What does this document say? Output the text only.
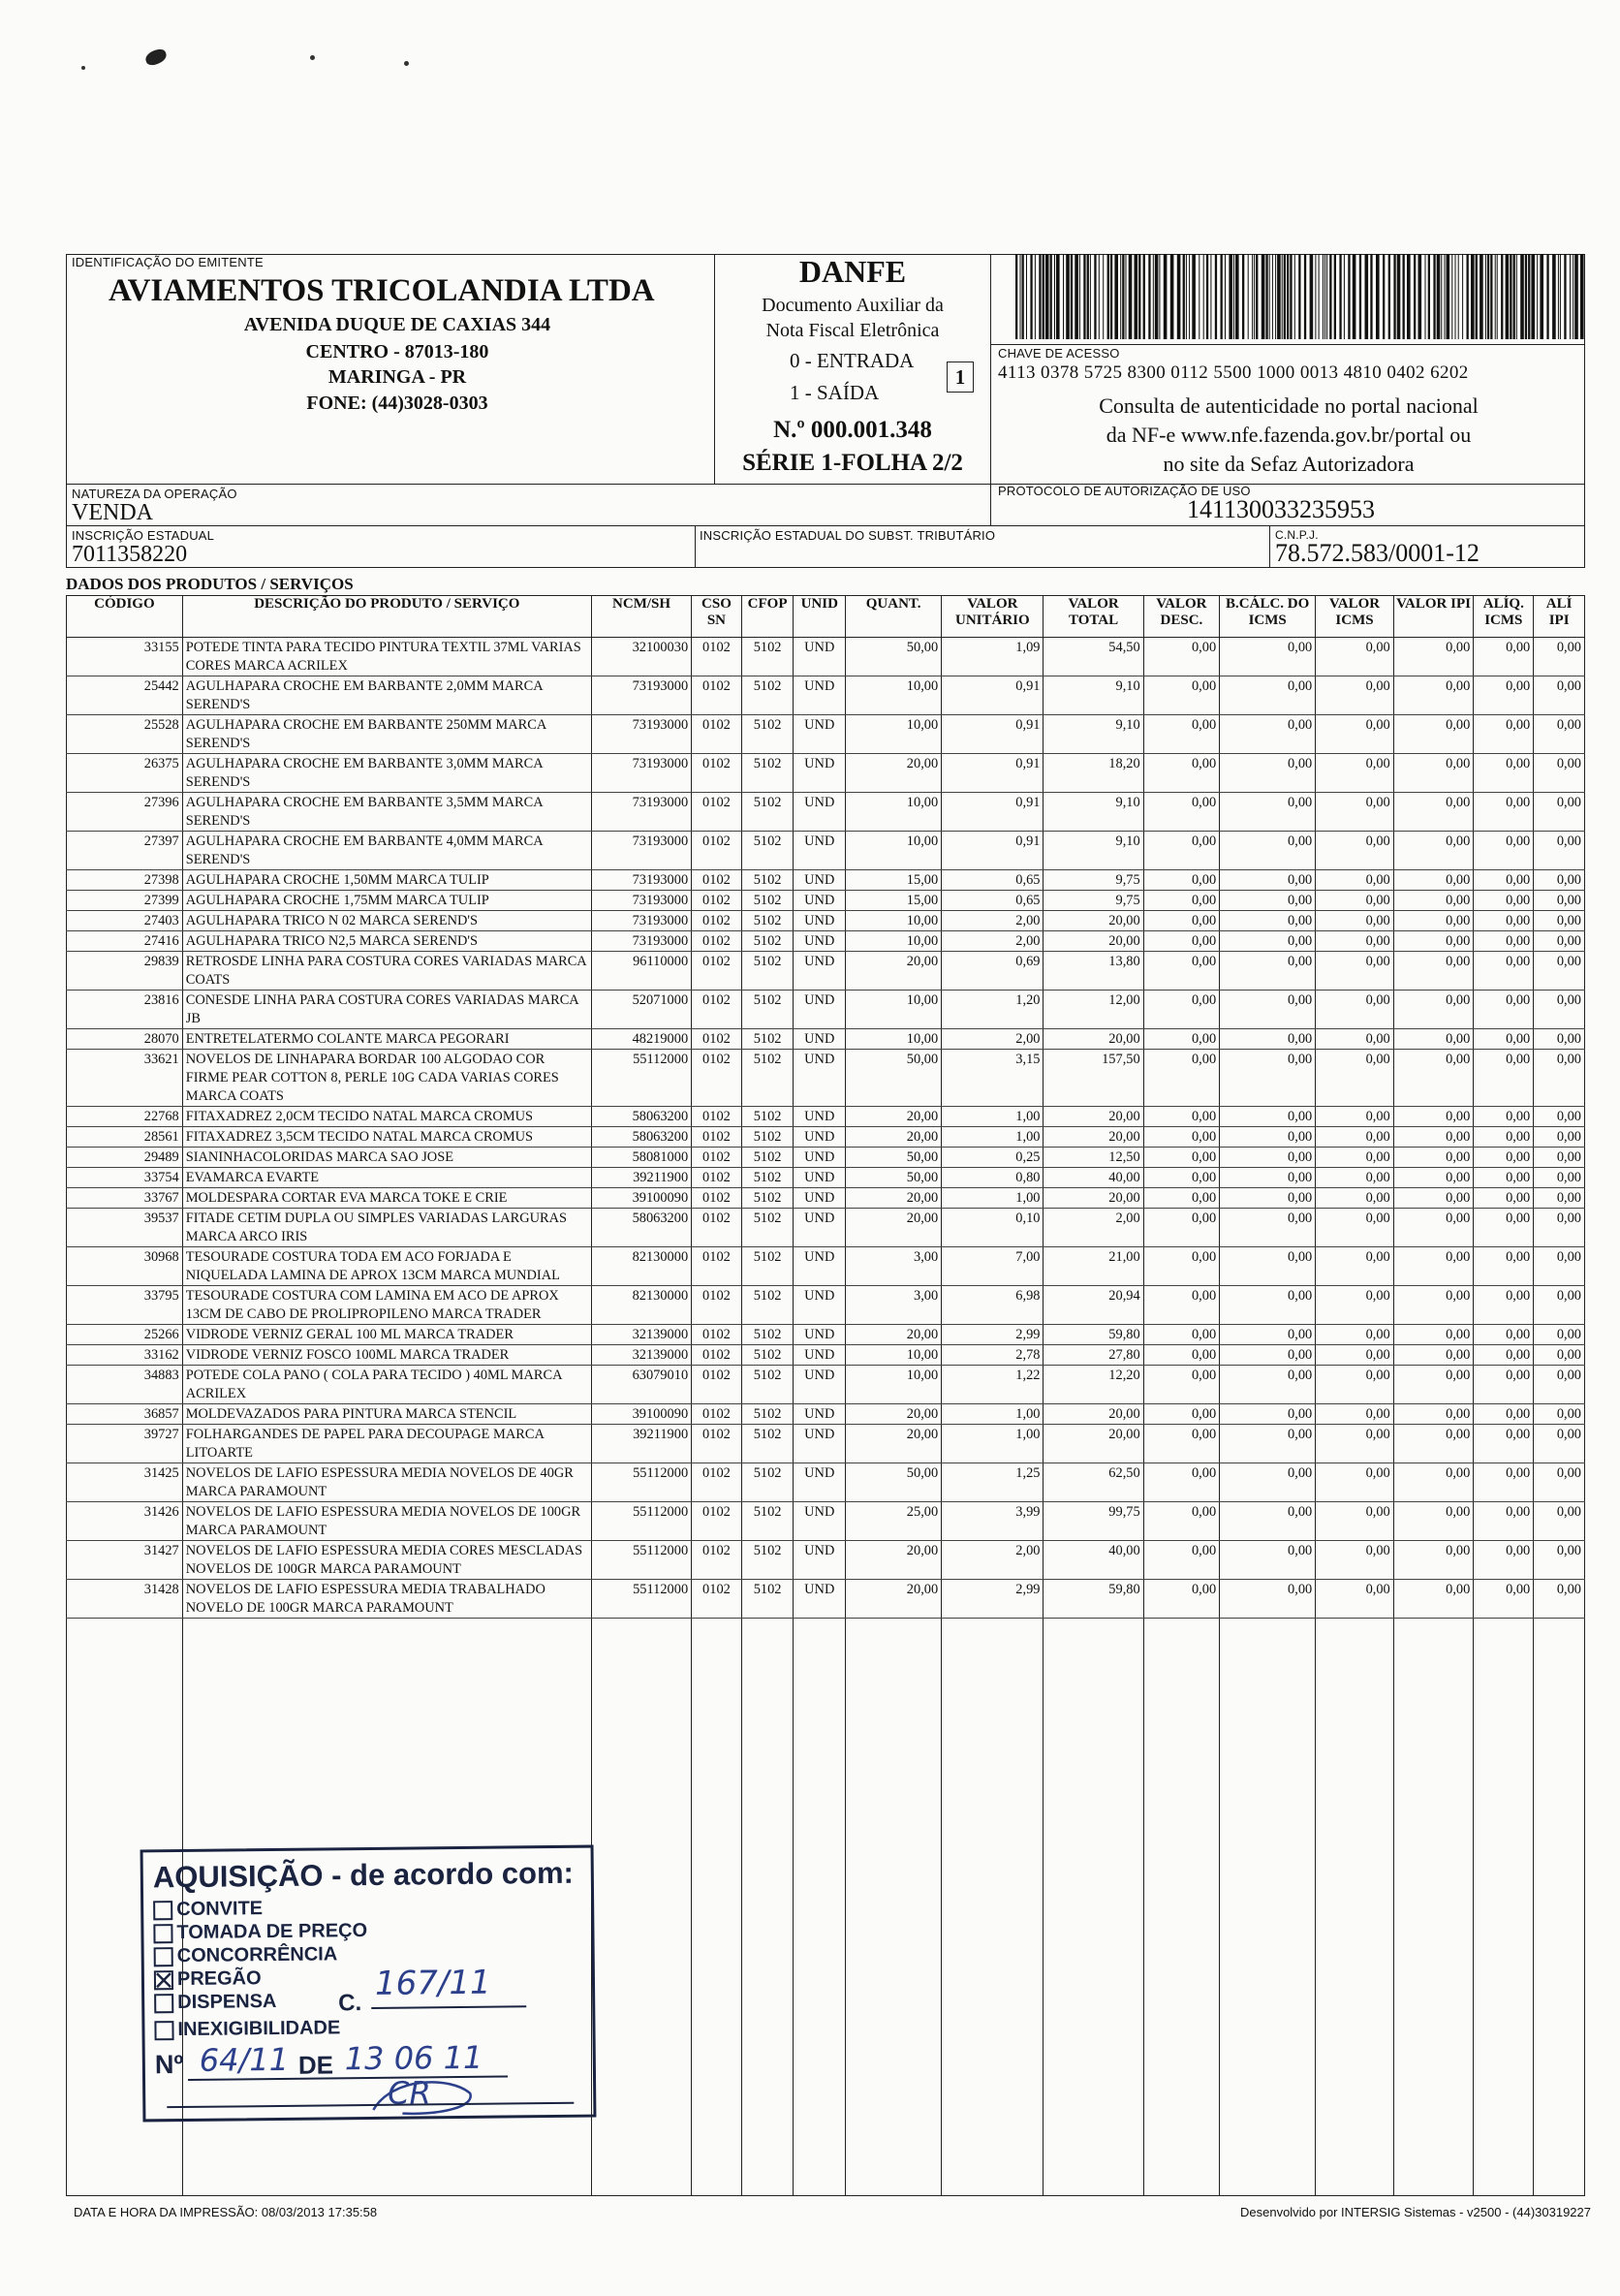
IDENTIFICAÇÃO DO EMITENTE
AVIAMENTOS TRICOLANDIA LTDA
AVENIDA DUQUE DE CAXIAS 344
CENTRO - 87013-180
MARINGA - PR
FONE: (44)3028-0303
DANFE
Documento Auxiliar da
Nota Fiscal Eletrônica
0 - ENTRADA
1 - SAÍDA
1
N.º 000.001.348
SÉRIE 1-FOLHA 2/2
CHAVE DE ACESSO
4113 0378 5725 8300 0112 5500 1000 0013 4810 0402 6202
Consulta de autenticidade no portal nacional
da NF-e www.nfe.fazenda.gov.br/portal ou
no site da Sefaz Autorizadora
NATUREZA DA OPERAÇÃO
VENDA
PROTOCOLO DE AUTORIZAÇÃO DE USO
141130033235953
INSCRIÇÃO ESTADUAL
7011358220
INSCRIÇÃO ESTADUAL DO SUBST. TRIBUTÁRIO	C.N.P.J.
78.572.583/0001-12
DADOS DOS PRODUTOS / SERVIÇOS
CÓDIGO	DESCRIÇÃO DO PRODUTO / SERVIÇO	NCM/SH	CSO SN	CFOP	UNID	QUANT.	VALOR UNITÁRIO	VALOR TOTAL	VALOR DESC.	B.CÁLC. DO ICMS	VALOR ICMS	VALOR IPI	ALÍQ. ICMS	ALÍ IPI
33155	POTEDE TINTA PARA TECIDO PINTURA TEXTIL 37ML VARIAS CORES MARCA ACRILEX	32100030	0102	5102	UND	50,00	1,09	54,50	0,00	0,00	0,00	0,00	0,00	0,00
25442	AGULHAPARA CROCHE EM BARBANTE 2,0MM MARCA SEREND'S	73193000	0102	5102	UND	10,00	0,91	9,10	0,00	0,00	0,00	0,00	0,00	0,00
25528	AGULHAPARA CROCHE EM BARBANTE 250MM MARCA SEREND'S	73193000	0102	5102	UND	10,00	0,91	9,10	0,00	0,00	0,00	0,00	0,00	0,00
26375	AGULHAPARA CROCHE EM BARBANTE 3,0MM MARCA SEREND'S	73193000	0102	5102	UND	20,00	0,91	18,20	0,00	0,00	0,00	0,00	0,00	0,00
27396	AGULHAPARA CROCHE EM BARBANTE 3,5MM MARCA SEREND'S	73193000	0102	5102	UND	10,00	0,91	9,10	0,00	0,00	0,00	0,00	0,00	0,00
27397	AGULHAPARA CROCHE EM BARBANTE 4,0MM MARCA SEREND'S	73193000	0102	5102	UND	10,00	0,91	9,10	0,00	0,00	0,00	0,00	0,00	0,00
27398	AGULHAPARA CROCHE 1,50MM MARCA TULIP	73193000	0102	5102	UND	15,00	0,65	9,75	0,00	0,00	0,00	0,00	0,00	0,00
27399	AGULHAPARA CROCHE 1,75MM MARCA TULIP	73193000	0102	5102	UND	15,00	0,65	9,75	0,00	0,00	0,00	0,00	0,00	0,00
27403	AGULHAPARA TRICO N 02 MARCA SEREND'S	73193000	0102	5102	UND	10,00	2,00	20,00	0,00	0,00	0,00	0,00	0,00	0,00
27416	AGULHAPARA TRICO N2,5 MARCA SEREND'S	73193000	0102	5102	UND	10,00	2,00	20,00	0,00	0,00	0,00	0,00	0,00	0,00
29839	RETROSDE LINHA PARA COSTURA CORES VARIADAS MARCA COATS	96110000	0102	5102	UND	20,00	0,69	13,80	0,00	0,00	0,00	0,00	0,00	0,00
23816	CONESDE LINHA PARA COSTURA CORES VARIADAS MARCA JB	52071000	0102	5102	UND	10,00	1,20	12,00	0,00	0,00	0,00	0,00	0,00	0,00
28070	ENTRETELATERMO COLANTE MARCA PEGORARI	48219000	0102	5102	UND	10,00	2,00	20,00	0,00	0,00	0,00	0,00	0,00	0,00
33621	NOVELOS DE LINHAPARA BORDAR 100 ALGODAO COR FIRME PEAR COTTON 8, PERLE 10G CADA VARIAS CORES MARCA COATS	55112000	0102	5102	UND	50,00	3,15	157,50	0,00	0,00	0,00	0,00	0,00	0,00
22768	FITAXADREZ 2,0CM TECIDO NATAL MARCA CROMUS	58063200	0102	5102	UND	20,00	1,00	20,00	0,00	0,00	0,00	0,00	0,00	0,00
28561	FITAXADREZ 3,5CM TECIDO NATAL MARCA CROMUS	58063200	0102	5102	UND	20,00	1,00	20,00	0,00	0,00	0,00	0,00	0,00	0,00
29489	SIANINHACOLORIDAS MARCA SAO JOSE	58081000	0102	5102	UND	50,00	0,25	12,50	0,00	0,00	0,00	0,00	0,00	0,00
33754	EVAMARCA EVARTE	39211900	0102	5102	UND	50,00	0,80	40,00	0,00	0,00	0,00	0,00	0,00	0,00
33767	MOLDESPARA CORTAR EVA MARCA TOKE E CRIE	39100090	0102	5102	UND	20,00	1,00	20,00	0,00	0,00	0,00	0,00	0,00	0,00
39537	FITADE CETIM DUPLA OU SIMPLES VARIADAS LARGURAS MARCA ARCO IRIS	58063200	0102	5102	UND	20,00	0,10	2,00	0,00	0,00	0,00	0,00	0,00	0,00
30968	TESOURADE COSTURA TODA EM ACO FORJADA E NIQUELADA LAMINA DE APROX 13CM MARCA MUNDIAL	82130000	0102	5102	UND	3,00	7,00	21,00	0,00	0,00	0,00	0,00	0,00	0,00
33795	TESOURADE COSTURA COM LAMINA EM ACO DE APROX 13CM DE CABO DE PROLIPROPILENO MARCA TRADER	82130000	0102	5102	UND	3,00	6,98	20,94	0,00	0,00	0,00	0,00	0,00	0,00
25266	VIDRODE VERNIZ GERAL 100 ML MARCA TRADER	32139000	0102	5102	UND	20,00	2,99	59,80	0,00	0,00	0,00	0,00	0,00	0,00
33162	VIDRODE VERNIZ FOSCO 100ML MARCA TRADER	32139000	0102	5102	UND	10,00	2,78	27,80	0,00	0,00	0,00	0,00	0,00	0,00
34883	POTEDE COLA PANO ( COLA PARA TECIDO ) 40ML MARCA ACRILEX	63079010	0102	5102	UND	10,00	1,22	12,20	0,00	0,00	0,00	0,00	0,00	0,00
36857	MOLDEVAZADOS PARA PINTURA MARCA STENCIL	39100090	0102	5102	UND	20,00	1,00	20,00	0,00	0,00	0,00	0,00	0,00	0,00
39727	FOLHARGANDES DE PAPEL PARA DECOUPAGE MARCA LITOARTE	39211900	0102	5102	UND	20,00	1,00	20,00	0,00	0,00	0,00	0,00	0,00	0,00
31425	NOVELOS DE LAFIO ESPESSURA MEDIA NOVELOS DE 40GR MARCA PARAMOUNT	55112000	0102	5102	UND	50,00	1,25	62,50	0,00	0,00	0,00	0,00	0,00	0,00
31426	NOVELOS DE LAFIO ESPESSURA MEDIA NOVELOS DE 100GR MARCA PARAMOUNT	55112000	0102	5102	UND	25,00	3,99	99,75	0,00	0,00	0,00	0,00	0,00	0,00
31427	NOVELOS DE LAFIO ESPESSURA MEDIA CORES MESCLADAS NOVELOS DE 100GR MARCA PARAMOUNT	55112000	0102	5102	UND	20,00	2,00	40,00	0,00	0,00	0,00	0,00	0,00	0,00
31428	NOVELOS DE LAFIO ESPESSURA MEDIA TRABALHADO NOVELO DE 100GR MARCA PARAMOUNT	55112000	0102	5102	UND	20,00	2,99	59,80	0,00	0,00	0,00	0,00	0,00	0,00

AQUISIÇÃO - de acordo com:
CONVITE
TOMADA DE PREÇO
CONCORRÊNCIA
PREGÃO
DISPENSA
INEXIGIBILIDADE
C. 167/11
Nº 64/11 DE 13 06 11
CR
DATA E HORA DA IMPRESSÃO: 08/03/2013 17:35:58	Desenvolvido por INTERSIG Sistemas - v2500 - (44)30319227
